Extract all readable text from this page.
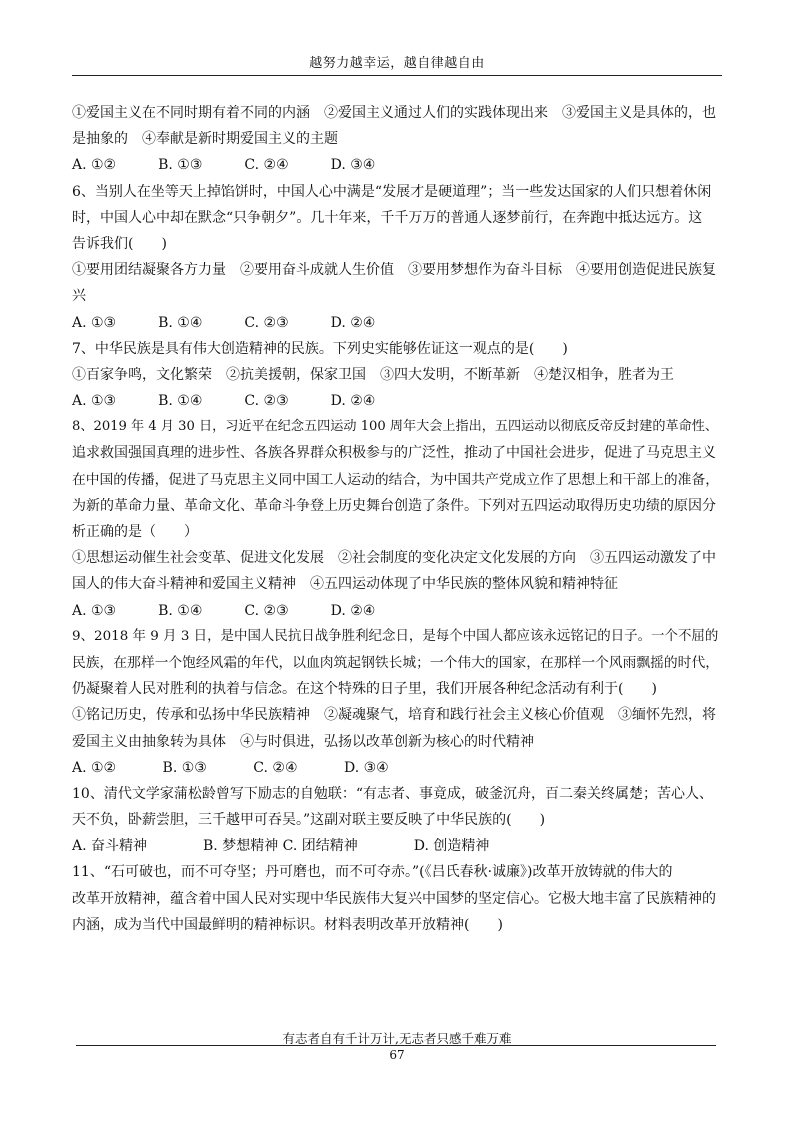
越努力越幸运，越自律越自由
①爱国主义在不同时期有着不同的内涵　②爱国主义通过人们的实践体现出来　③爱国主义是具体的，也
是抽象的　④奉献是新时期爱国主义的主题
A. ①②　　　B. ①③　　　C. ②④　　　D. ③④
6、当别人在坐等天上掉馅饼时，中国人心中满是“发展才是硬道理”；当一些发达国家的人们只想着休闲
时，中国人心中却在默念“只争朝夕”。几十年来，千千万万的普通人逐梦前行，在奔跑中抵达远方。这
告诉我们(　　)
①要用团结凝聚各方力量　②要用奋斗成就人生价值　③要用梦想作为奋斗目标　④要用创造促进民族复
兴
A. ①③　　　B. ①④　　　C. ②③　　　D. ②④
7、中华民族是具有伟大创造精神的民族。下列史实能够佐证这一观点的是(　　)
①百家争鸣，文化繁荣　②抗美援朝，保家卫国　③四大发明，不断革新　④楚汉相争，胜者为王
A. ①③　　　B. ①④　　　C. ②③　　　D. ②④
8、2019 年 4 月 30 日，习近平在纪念五四运动 100 周年大会上指出，五四运动以彻底反帝反封建的革命性、
追求救国强国真理的进步性、各族各界群众积极参与的广泛性，推动了中国社会进步，促进了马克思主义
在中国的传播，促进了马克思主义同中国工人运动的结合，为中国共产党成立作了思想上和干部上的准备，
为新的革命力量、革命文化、革命斗争登上历史舞台创造了条件。下列对五四运动取得历史功绩的原因分
析正确的是（　　）
①思想运动催生社会变革、促进文化发展　②社会制度的变化决定文化发展的方向　③五四运动激发了中
国人的伟大奋斗精神和爱国主义精神　④五四运动体现了中华民族的整体风貌和精神特征
A. ①③　　　B. ①④　　　C. ②③　　　D. ②④
9、2018 年 9 月 3 日，是中国人民抗日战争胜利纪念日，是每个中国人都应该永远铭记的日子。一个不屈的
民族，在那样一个饱经风霜的年代，以血肉筑起钢铁长城；一个伟大的国家，在那样一个风雨飘摇的时代，
仍凝聚着人民对胜利的执着与信念。在这个特殊的日子里，我们开展各种纪念活动有利于(　　)
①铭记历史，传承和弘扬中华民族精神　②凝魂聚气，培育和践行社会主义核心价值观　③缅怀先烈，将
爱国主义由抽象转为具体　④与时俱进，弘扬以改革创新为核心的时代精神
A. ①②　　　 B. ①③　　　 C. ②④　　　 D. ③④
10、清代文学家蒲松龄曾写下励志的自勉联：“有志者、事竟成，破釜沉舟，百二秦关终属楚；苦心人、
天不负，卧薪尝胆，三千越甲可吞吴。”这副对联主要反映了中华民族的(　　)
A. 奋斗精神　　　　B. 梦想精神 C. 团结精神　　　　D. 创造精神
11、“石可破也，而不可夺坚；丹可磨也，而不可夺赤。”(《吕氏春秋·诚廉》)改革开放铸就的伟大的
改革开放精神，蕴含着中国人民对实现中华民族伟大复兴中国梦的坚定信心。它极大地丰富了民族精神的
内涵，成为当代中国最鲜明的精神标识。材料表明改革开放精神(　　)
有志者自有千计万计,无志者只感千难万难
67
